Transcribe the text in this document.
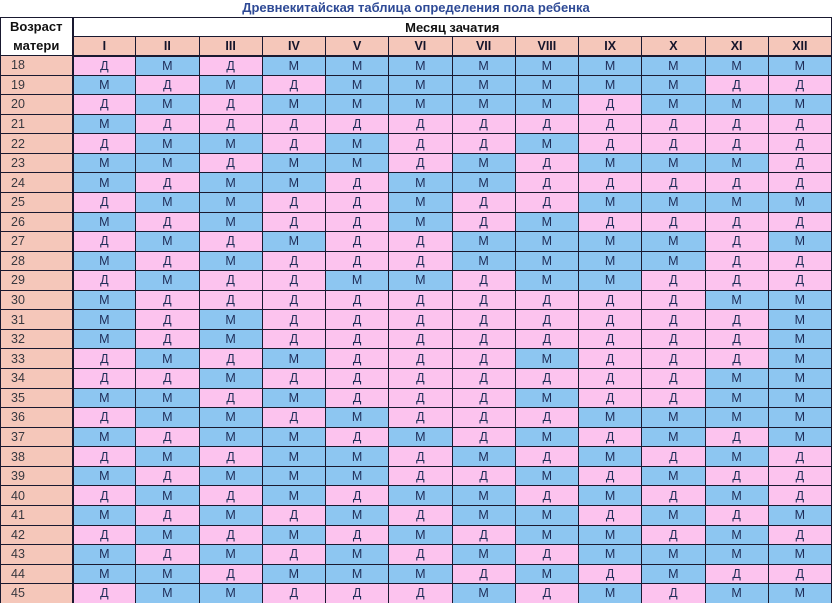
Древнекитайская таблица определения пола ребенка
Возраст
матери	Месяц зачатия											
	I	II	III	IV	V	VI	VII	VIII	IX	X	XI	XII
18	Д	М	Д	М	М	М	М	М	М	М	М	М
19	М	Д	М	Д	М	М	М	М	М	М	Д	Д
20	Д	М	Д	М	М	М	М	М	Д	М	М	М
21	М	Д	Д	Д	Д	Д	Д	Д	Д	Д	Д	Д
22	Д	М	М	Д	М	Д	Д	М	Д	Д	Д	Д
23	М	М	Д	М	М	Д	М	Д	М	М	М	Д
24	М	Д	М	М	Д	М	М	Д	Д	Д	Д	Д
25	Д	М	М	Д	Д	М	Д	Д	М	М	М	М
26	М	Д	М	Д	Д	М	Д	М	Д	Д	Д	Д
27	Д	М	Д	М	Д	Д	М	М	М	М	Д	М
28	М	Д	М	Д	Д	Д	М	М	М	М	Д	Д
29	Д	М	Д	Д	М	М	Д	М	М	Д	Д	Д
30	М	Д	Д	Д	Д	Д	Д	Д	Д	Д	М	М
31	М	Д	М	Д	Д	Д	Д	Д	Д	Д	Д	М
32	М	Д	М	Д	Д	Д	Д	Д	Д	Д	Д	М
33	Д	М	Д	М	Д	Д	Д	М	Д	Д	Д	М
34	Д	Д	М	Д	Д	Д	Д	Д	Д	Д	М	М
35	М	М	Д	М	Д	Д	Д	М	Д	Д	М	М
36	Д	М	М	Д	М	Д	Д	Д	М	М	М	М
37	М	Д	М	М	Д	М	Д	М	Д	М	Д	М
38	Д	М	Д	М	М	Д	М	Д	М	Д	М	Д
39	М	Д	М	М	М	Д	Д	М	Д	М	Д	Д
40	Д	М	Д	М	Д	М	М	Д	М	Д	М	Д
41	М	Д	М	Д	М	Д	М	М	Д	М	Д	М
42	Д	М	Д	М	Д	М	Д	М	М	Д	М	Д
43	М	Д	М	Д	М	Д	М	Д	М	М	М	М
44	М	М	Д	М	М	М	Д	М	Д	М	Д	Д
45	Д	М	М	Д	Д	Д	М	Д	М	Д	М	М
